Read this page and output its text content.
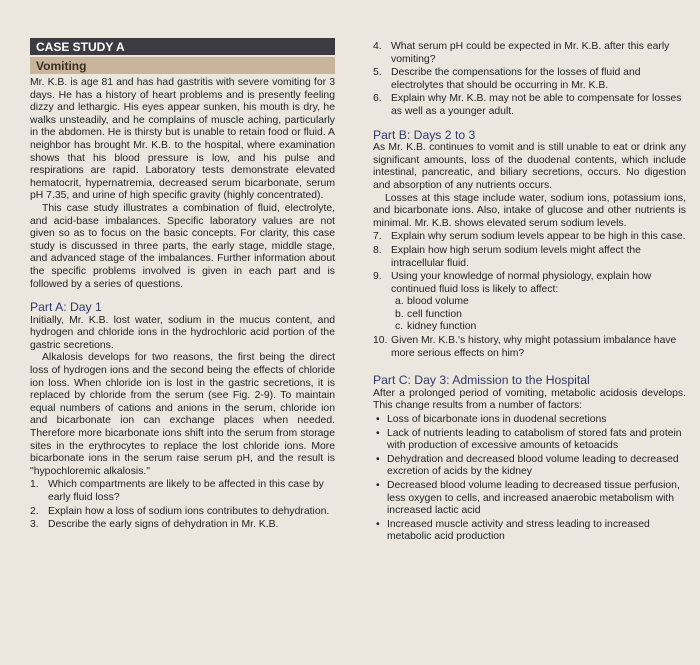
CASE STUDY A
Vomiting

Mr. K.B. is age 81 and has had gastritis with severe vomiting for 3 days. He has a history of heart problems and is presently feeling dizzy and lethargic. His eyes appear sunken, his mouth is dry, he walks unsteadily, and he complains of muscle aching, particularly in the abdomen. He is thirsty but is unable to retain food or fluid. A neighbor has brought Mr. K.B. to the hospital, where examination shows that his blood pressure is low, and his pulse and respirations are rapid. Laboratory tests demonstrate elevated hematocrit, hypernatremia, decreased serum bicarbonate, serum pH 7.35, and urine of high specific gravity (highly concentrated).

This case study illustrates a combination of fluid, electrolyte, and acid-base imbalances. Specific laboratory values are not given so as to focus on the basic concepts. For clarity, this case study is discussed in three parts, the early stage, middle stage, and advanced stage of the imbalances. Further information about the specific problems involved is given in each part and is followed by a series of questions.

Part A: Day 1

Initially, Mr. K.B. lost water, sodium in the mucus content, and hydrogen and chloride ions in the hydrochloric acid portion of the gastric secretions.

Alkalosis develops for two reasons, the first being the direct loss of hydrogen ions and the second being the effects of chloride ion loss. When chloride ion is lost in the gastric secretions, it is replaced by chloride from the serum (see Fig. 2-9). To maintain equal numbers of cations and anions in the serum, chloride ion and bicarbonate ion can exchange places when needed. Therefore more bicarbonate ions shift into the serum from storage sites in the erythrocytes to replace the lost chloride ions. More bicarbonate ions in the serum raise serum pH, and the result is "hypochloremic alkalosis."

1. Which compartments are likely to be affected in this case by early fluid loss?
2. Explain how a loss of sodium ions contributes to dehydration.
3. Describe the early signs of dehydration in Mr. K.B.
4. What serum pH could be expected in Mr. K.B. after this early vomiting?
5. Describe the compensations for the losses of fluid and electrolytes that should be occurring in Mr. K.B.
6. Explain why Mr. K.B. may not be able to compensate for losses as well as a younger adult.
Part B: Days 2 to 3

As Mr. K.B. continues to vomit and is still unable to eat or drink any significant amounts, loss of the duodenal contents, which include intestinal, pancreatic, and biliary secretions, occurs. No digestion and absorption of any nutrients occurs.

Losses at this stage include water, sodium ions, potassium ions, and bicarbonate ions. Also, intake of glucose and other nutrients is minimal. Mr. K.B. shows elevated serum sodium levels.

7. Explain why serum sodium levels appear to be high in this case.
8. Explain how high serum sodium levels might affect the intracellular fluid.
9. Using your knowledge of normal physiology, explain how continued fluid loss is likely to affect:
a. blood volume
b. cell function
c. kidney function
10. Given Mr. K.B.'s history, why might potassium imbalance have more serious effects on him?
Part C: Day 3: Admission to the Hospital

After a prolonged period of vomiting, metabolic acidosis develops. This change results from a number of factors:

• Loss of bicarbonate ions in duodenal secretions
• Lack of nutrients leading to catabolism of stored fats and protein with production of excessive amounts of ketoacids
• Dehydration and decreased blood volume leading to decreased excretion of acids by the kidney
• Decreased blood volume leading to decreased tissue perfusion, less oxygen to cells, and increased anaerobic metabolism with increased lactic acid
• Increased muscle activity and stress leading to increased metabolic acid production
